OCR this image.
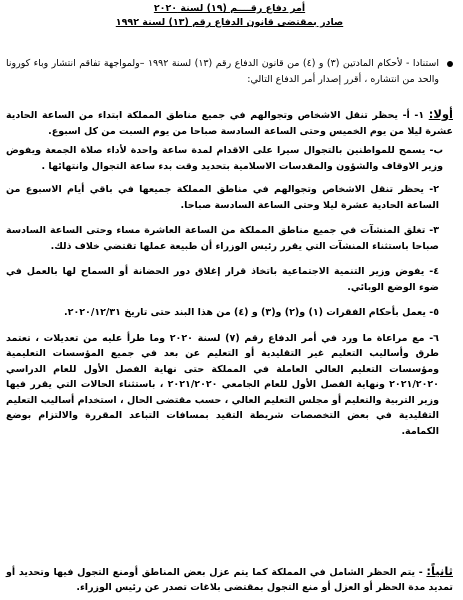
أمر دفاع رقــــم (١٩) لسنة ٢٠٢٠
صادر بمقتضى قانون الدفاع رقم (١٣) لسنة ١٩٩٢
استنادا - لأحكام المادتين (٣) و (٤) من قانون الدفاع رقم (١٣) لسنة ١٩٩٢ –ولمواجهة تفاقم انتشار وباء كورونا والحد من انتشاره ، أقرر إصدار أمر الدفاع التالي:
أولا: ١- أ- يحظر تنقل الاشخاص وتجوالهم في جميع مناطق المملكة ابتداء من الساعة الحادية عشرة ليلا من يوم الخميس وحتى الساعة السادسة صباحا من يوم السبت من كل اسبوع.
ب- يسمح للمواطنين بالتجوال سيرا على الاقدام لمدة ساعة واحدة لأداء صلاة الجمعة ويفوض وزير الاوقاف والشؤون والمقدسات الاسلامية بتحديد وقت بدء ساعة التجوال وانتهائها .
٢- يحظر تنقل الاشخاص وتجوالهم في مناطق المملكة جميعها في باقي أيام الاسبوع من الساعة الحادية عشرة ليلا وحتى الساعة السادسة صباحا.
٣- تغلق المنشآت في جميع مناطق المملكة من الساعة العاشرة مساء وحتى الساعة السادسة صباحا باستثناء المنشآت التي يقرر رئيس الوزراء أن طبيعة عملها تقتضي خلاف ذلك.
٤- يفوض وزير التنمية الاجتماعية باتخاذ قرار إغلاق دور الحضانة أو السماح لها بالعمل في ضوء الوضع الوبائي.
٥- يعمل بأحكام الفقرات (١) و(٢) و(٣) و (٤) من هذا البند حتى تاريخ ٢٠٢٠/١٢/٣١.
٦- مع مراعاة ما ورد في أمر الدفاع رقم (٧) لسنة ٢٠٢٠ وما طرأ عليه من تعديلات ، تعتمد طرق وأساليب التعليم غير التقليدية أو التعليم عن بعد في جميع المؤسسات التعليمية ومؤسسات التعليم العالي العاملة في المملكة حتى نهاية الفصل الأول للعام الدراسي ٢٠٢١/٢٠٢٠ ونهاية الفصل الأول للعام الجامعي ٢٠٢١/٢٠٢٠ ، باستثناء الحالات التي يقرر فيها وزير التربية والتعليم أو مجلس التعليم العالي ، حسب مقتضى الحال ، استخدام أساليب التعليم التقليدية في بعض التخصصات شريطة التقيد بمسافات التباعد المقررة والالتزام بوضع الكمامة.
ثانياً: - يتم الحظر الشامل في المملكة كما يتم عزل بعض المناطق أومنع التجول فيها وتحديد أو تمديد مدة الحظر أو العزل أو منع التجول بمقتضى بلاغات تصدر عن رئيس الوزراء.
